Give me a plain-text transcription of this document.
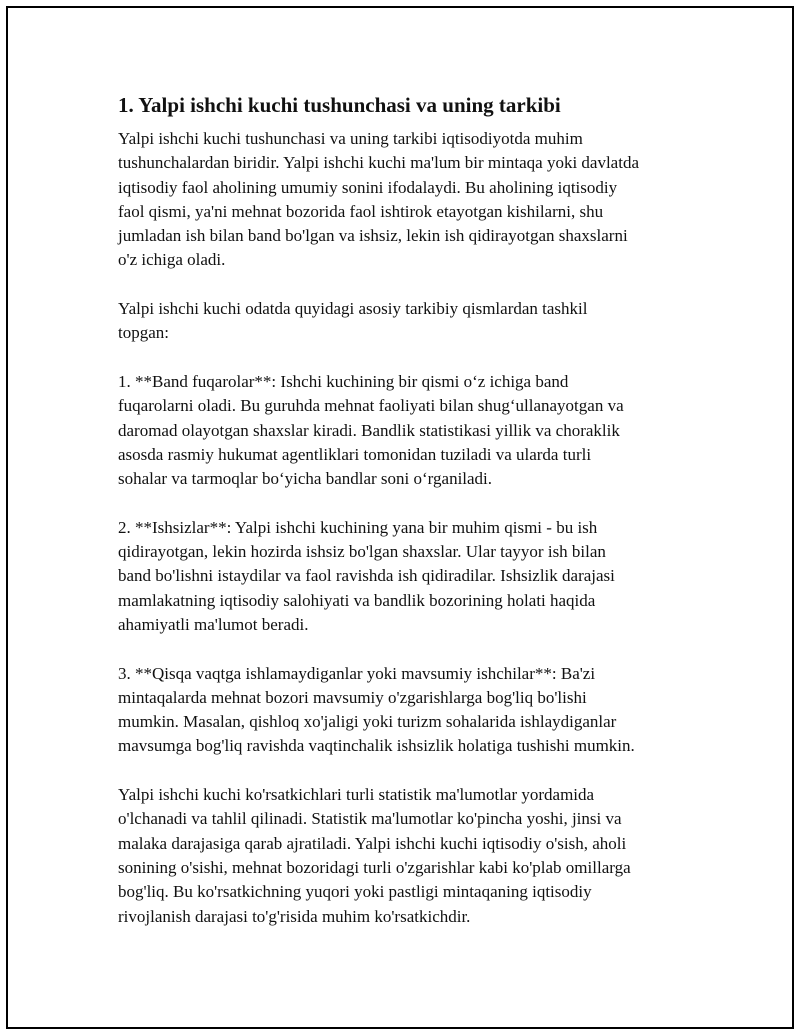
1. Yalpi ishchi kuchi tushunchasi va uning tarkibi

Yalpi ishchi kuchi tushunchasi va uning tarkibi iqtisodiyotda muhim
tushunchalardan biridir. Yalpi ishchi kuchi ma'lum bir mintaqa yoki davlatda
iqtisodiy faol aholining umumiy sonini ifodalaydi. Bu aholining iqtisodiy
faol qismi, ya'ni mehnat bozorida faol ishtirok etayotgan kishilarni, shu
jumladan ish bilan band bo'lgan va ishsiz, lekin ish qidirayotgan shaxslarni
o'z ichiga oladi.

Yalpi ishchi kuchi odatda quyidagi asosiy tarkibiy qismlardan tashkil
topgan:

1. **Band fuqarolar**: Ishchi kuchining bir qismi o‘z ichiga band
fuqarolarni oladi. Bu guruhda mehnat faoliyati bilan shug‘ullanayotgan va
daromad olayotgan shaxslar kiradi. Bandlik statistikasi yillik va choraklik
asosda rasmiy hukumat agentliklari tomonidan tuziladi va ularda turli
sohalar va tarmoqlar bo‘yicha bandlar soni o‘rganiladi.

2. **Ishsizlar**: Yalpi ishchi kuchining yana bir muhim qismi - bu ish
qidirayotgan, lekin hozirda ishsiz bo'lgan shaxslar. Ular tayyor ish bilan
band bo'lishni istaydilar va faol ravishda ish qidiradilar. Ishsizlik darajasi
mamlakatning iqtisodiy salohiyati va bandlik bozorining holati haqida
ahamiyatli ma'lumot beradi.

3. **Qisqa vaqtga ishlamaydiganlar yoki mavsumiy ishchilar**: Ba'zi
mintaqalarda mehnat bozori mavsumiy o'zgarishlarga bog'liq bo'lishi
mumkin. Masalan, qishloq xo'jaligi yoki turizm sohalarida ishlaydiganlar
mavsumga bog'liq ravishda vaqtinchalik ishsizlik holatiga tushishi mumkin.

Yalpi ishchi kuchi ko'rsatkichlari turli statistik ma'lumotlar yordamida
o'lchanadi va tahlil qilinadi. Statistik ma'lumotlar ko'pincha yoshi, jinsi va
malaka darajasiga qarab ajratiladi. Yalpi ishchi kuchi iqtisodiy o'sish, aholi
sonining o'sishi, mehnat bozoridagi turli o'zgarishlar kabi ko'plab omillarga
bog'liq. Bu ko'rsatkichning yuqori yoki pastligi mintaqaning iqtisodiy
rivojlanish darajasi to'g'risida muhim ko'rsatkichdir.
